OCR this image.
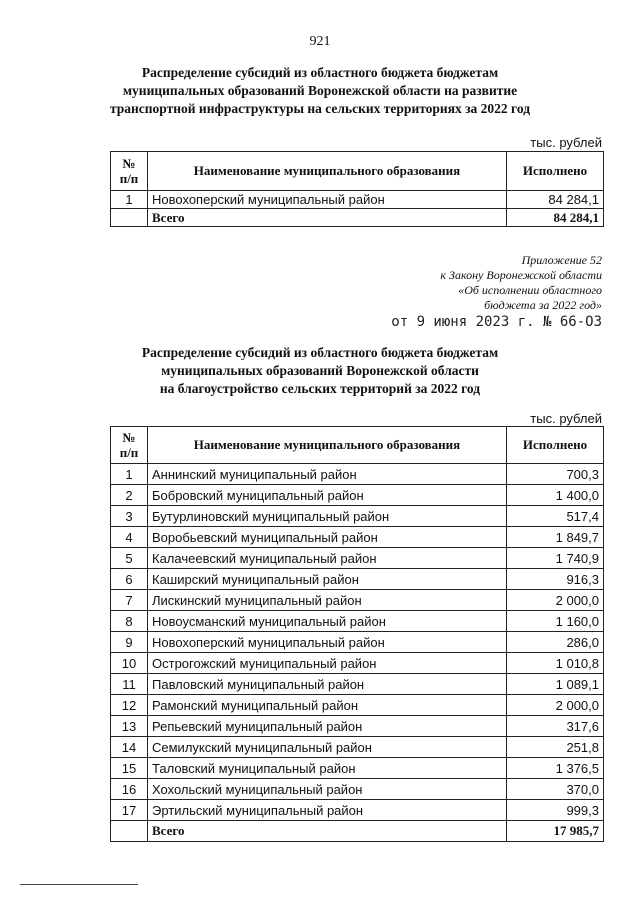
921
Распределение субсидий из областного бюджета бюджетам
муниципальных образований Воронежской области на развитие
транспортной инфраструктуры на сельских территориях за 2022 год
тыс. рублей
№
п/п	Наименование муниципального образования	Исполнено
1	Новохоперский муниципальный район	84 284,1
	Всего	84 284,1
Приложение 52
к Закону Воронежской области
«Об исполнении областного
бюджета за 2022 год»
от 9 июня 2023 г. № 66-ОЗ
Распределение субсидий из областного бюджета бюджетам
муниципальных образований Воронежской области
на благоустройство сельских территорий за 2022 год
тыс. рублей
№
п/п	Наименование муниципального образования	Исполнено
1	Аннинский муниципальный район	700,3
2	Бобровский муниципальный район	1 400,0
3	Бутурлиновский муниципальный район	517,4
4	Воробьевский муниципальный район	1 849,7
5	Калачеевский муниципальный район	1 740,9
6	Каширский муниципальный район	916,3
7	Лискинский муниципальный район	2 000,0
8	Новоусманский муниципальный район	1 160,0
9	Новохоперский муниципальный район	286,0
10	Острогожский муниципальный район	1 010,8
11	Павловский муниципальный район	1 089,1
12	Рамонский муниципальный район	2 000,0
13	Репьевский муниципальный район	317,6
14	Семилукский муниципальный район	251,8
15	Таловский муниципальный район	1 376,5
16	Хохольский муниципальный район	370,0
17	Эртильский муниципальный район	999,3
	Всего	17 985,7
